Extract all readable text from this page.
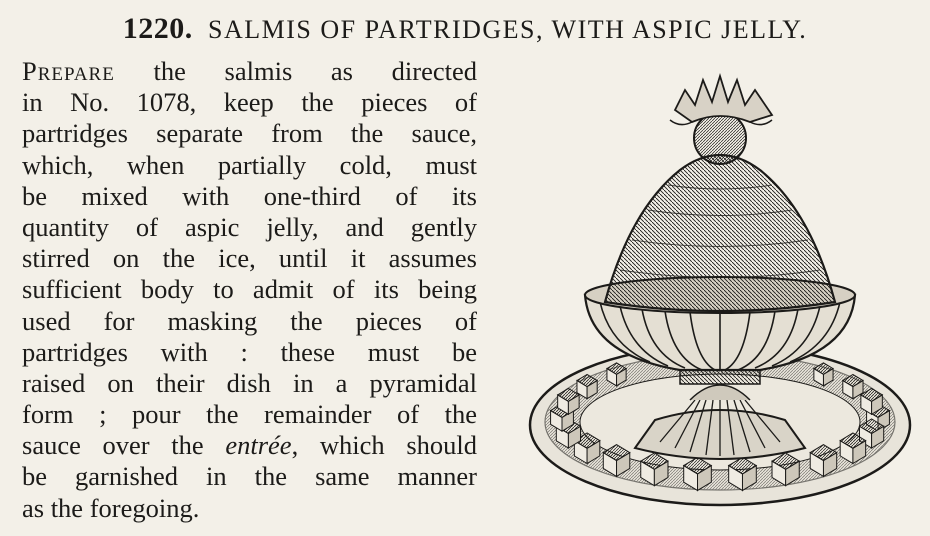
1220. SALMIS OF PARTRIDGES, WITH ASPIC JELLY.
Prepare the salmis as directed
in No. 1078, keep the pieces of
partridges separate from the sauce,
which, when partially cold, must
be mixed with one-third of its
quantity of aspic jelly, and gently
stirred on the ice, until it assumes
sufficient body to admit of its being
used for masking the pieces of
partridges with : these must be
raised on their dish in a pyramidal
form ; pour the remainder of the
sauce over the entrée, which should
be garnished in the same manner
as the foregoing.
